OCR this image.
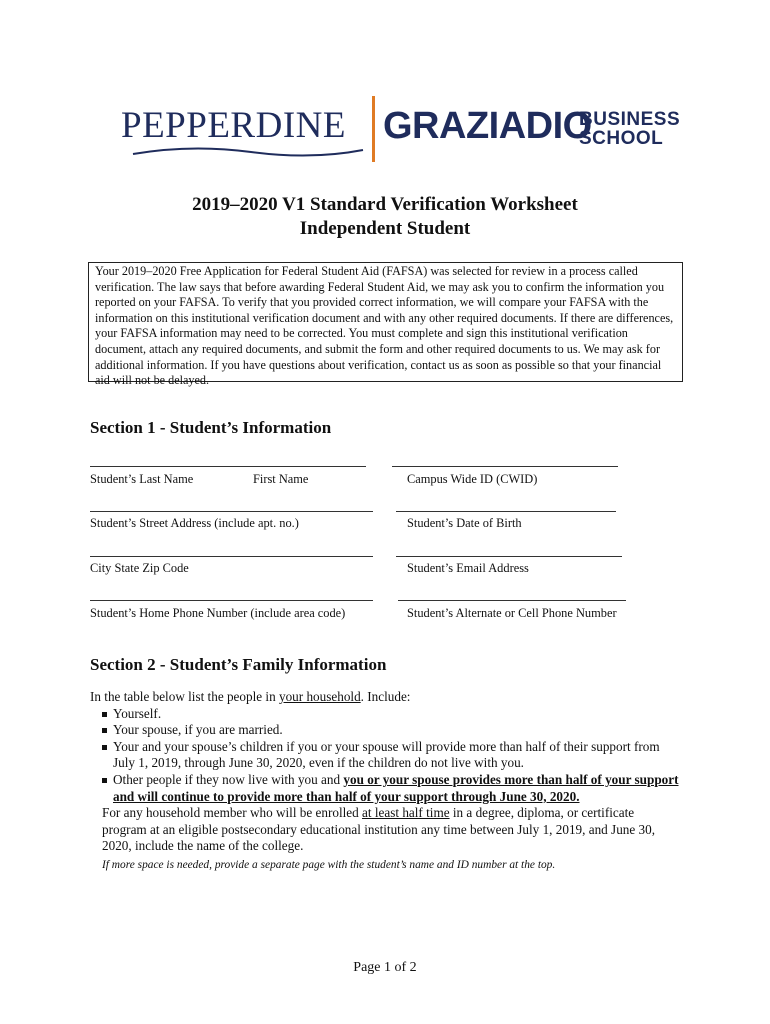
PEPPERDINE GRAZIADIO
BUSINESS
SCHOOL
2019–2020 V1 Standard Verification Worksheet
Independent Student
Your 2019–2020 Free Application for Federal Student Aid (FAFSA) was selected for review in a process called verification. The law says that before awarding Federal Student Aid, we may ask you to confirm the information you reported on your FAFSA. To verify that you provided correct information, we will compare your FAFSA with the information on this institutional verification document and with any other required documents. If there are differences, your FAFSA information may need to be corrected. You must complete and sign this institutional verification document, attach any required documents, and submit the form and other required documents to us. We may ask for additional information. If you have questions about verification, contact us as soon as possible so that your financial aid will not be delayed.
Section 1 - Student’s Information
Student’s Last Name	First Name	Campus Wide ID (CWID)
Student’s Street Address (include apt. no.)	Student’s Date of Birth
City State Zip Code	Student’s Email Address
Student’s Home Phone Number (include area code)	Student’s Alternate or Cell Phone Number
Section 2 - Student’s Family Information
In the table below list the people in your household. Include:
Yourself.
Your spouse, if you are married.
Your and your spouse’s children if you or your spouse will provide more than half of their support from July 1, 2019, through June 30, 2020, even if the children do not live with you.
Other people if they now live with you and you or your spouse provides more than half of your support and will continue to provide more than half of your support through June 30, 2020.
For any household member who will be enrolled at least half time in a degree, diploma, or certificate program at an eligible postsecondary educational institution any time between July 1, 2019, and June 30, 2020, include the name of the college.
If more space is needed, provide a separate page with the student’s name and ID number at the top.
Page 1 of 2
